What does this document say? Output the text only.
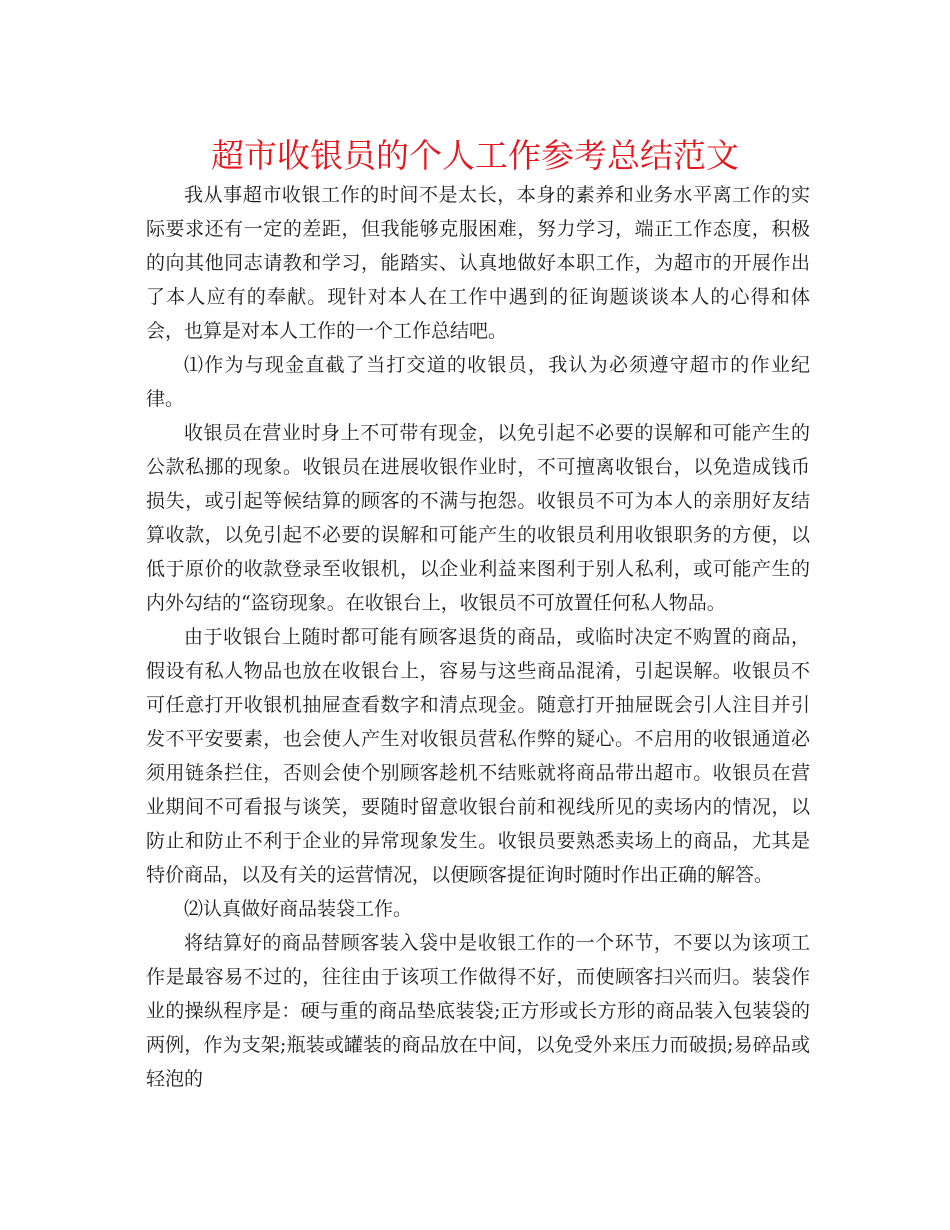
超市收银员的个人工作参考总结范文

我从事超市收银工作的时间不是太长，本身的素养和业务水平离工作的实际要求还有一定的差距，但我能够克服困难，努力学习，端正工作态度，积极的向其他同志请教和学习，能踏实、认真地做好本职工作，为超市的开展作出了本人应有的奉献。现针对本人在工作中遇到的征询题谈谈本人的心得和体会，也算是对本人工作的一个工作总结吧。

⑴作为与现金直截了当打交道的收银员，我认为必须遵守超市的作业纪律。

收银员在营业时身上不可带有现金，以免引起不必要的误解和可能产生的公款私挪的现象。收银员在进展收银作业时，不可擅离收银台，以免造成钱币损失，或引起等候结算的顾客的不满与抱怨。收银员不可为本人的亲朋好友结算收款，以免引起不必要的误解和可能产生的收银员利用收银职务的方便，以低于原价的收款登录至收银机，以企业利益来图利于别人私利，或可能产生的内外勾结的“盗窃现象。在收银台上，收银员不可放置任何私人物品。

由于收银台上随时都可能有顾客退货的商品，或临时决定不购置的商品，假设有私人物品也放在收银台上，容易与这些商品混淆，引起误解。收银员不可任意打开收银机抽屉查看数字和清点现金。随意打开抽屉既会引人注目并引发不平安要素，也会使人产生对收银员营私作弊的疑心。不启用的收银通道必须用链条拦住，否则会使个别顾客趁机不结账就将商品带出超市。收银员在营业期间不可看报与谈笑，要随时留意收银台前和视线所见的卖场内的情况，以防止和防止不利于企业的异常现象发生。收银员要熟悉卖场上的商品，尤其是特价商品，以及有关的运营情况，以便顾客提征询时随时作出正确的解答。

⑵认真做好商品装袋工作。

将结算好的商品替顾客装入袋中是收银工作的一个环节，不要以为该项工作是最容易不过的，往往由于该项工作做得不好，而使顾客扫兴而归。装袋作业的操纵程序是：硬与重的商品垫底装袋;正方形或长方形的商品装入包装袋的两例，作为支架;瓶装或罐装的商品放在中间，以免受外来压力而破损;易碎品或轻泡的
